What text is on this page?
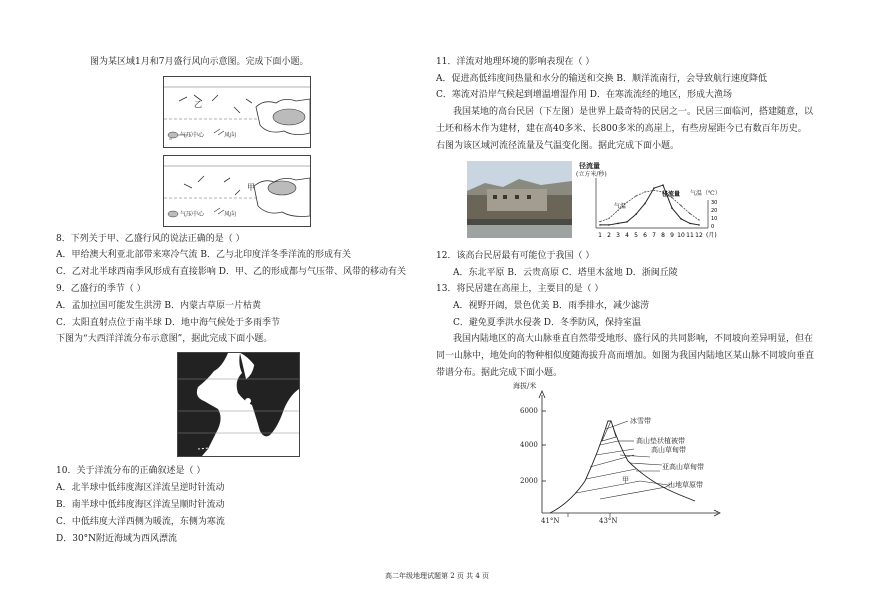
图为某区域1月和7月盛行风向示意图。完成下面小题。
乙
气压中心	风向
甲
气压中心	风向
8．下列关于甲、乙盛行风的说法正确的是（ ）
A．甲给澳大利亚北部带来寒冷气流 B．乙与北印度洋冬季洋流的形成有关
C．乙对北半球西南季风形成有直接影响 D．甲、乙的形成都与气压带、风带的移动有关
9．乙盛行的季节（ ）
A．孟加拉国可能发生洪涝 B．内蒙古草原一片枯黄
C．太阳直射点位于南半球 D．地中海气候处于多雨季节
下图为“大西洋洋流分布示意图”，据此完成下面小题。
30°
10．关于洋流分布的正确叙述是（ ）
A．北半球中低纬度海区洋流呈逆时针流动
B．南半球中低纬度海区洋流呈顺时针流动
C．中低纬度大洋西侧为暖流，东侧为寒流
D．30°N附近海域为西风漂流
11．洋流对地理环境的影响表现在（ ）
A．促进高低纬度间热量和水分的输送和交换 B．顺洋流南行，会导致航行速度降低
C．寒流对沿岸气候起到增温增湿作用 D．在寒流流经的地区，形成大渔场
我国某地的高台民居（下左图）是世界上最奇特的民居之一。民居三面临河，搭建随意，以
土坯和杨木作为建材，建在高40多米、长800多米的高崖上，有些房屋距今已有数百年历史。
右图为该区域河流径流量及气温变化图。据此完成下面小题。
径流量
(立方米/秒)
气温（℃）
1 2 3 4 5 6 7 8 9 10 11 12 (月)
30
20
10
0
径流量
气温
12．该高台民居最有可能位于我国（ ）
A．东北平原 B．云贵高原 C．塔里木盆地 D．浙闽丘陵
13．将民居建在高崖上，主要目的是（ ）
A．视野开阔，景色优美 B．雨季排水，减少滤涝
C．避免夏季洪水侵袭 D．冬季防风，保持室温
我国内陆地区的高大山脉垂直自然带受地形、盛行风的共同影响，不同坡向差异明显，但在
同一山脉中，地处向的物种相似度随海拔升高而增加。如图为我国内陆地区某山脉不同坡向垂直
带谱分布。据此完成下面小题。
海拔/米
6000
4000
2000
41°N	43°N
冰雪带
高山垫状植被带
高山草甸带
亚高山草甸带
山地草原带
甲
高二年级地理试题第 2 页 共 4 页
